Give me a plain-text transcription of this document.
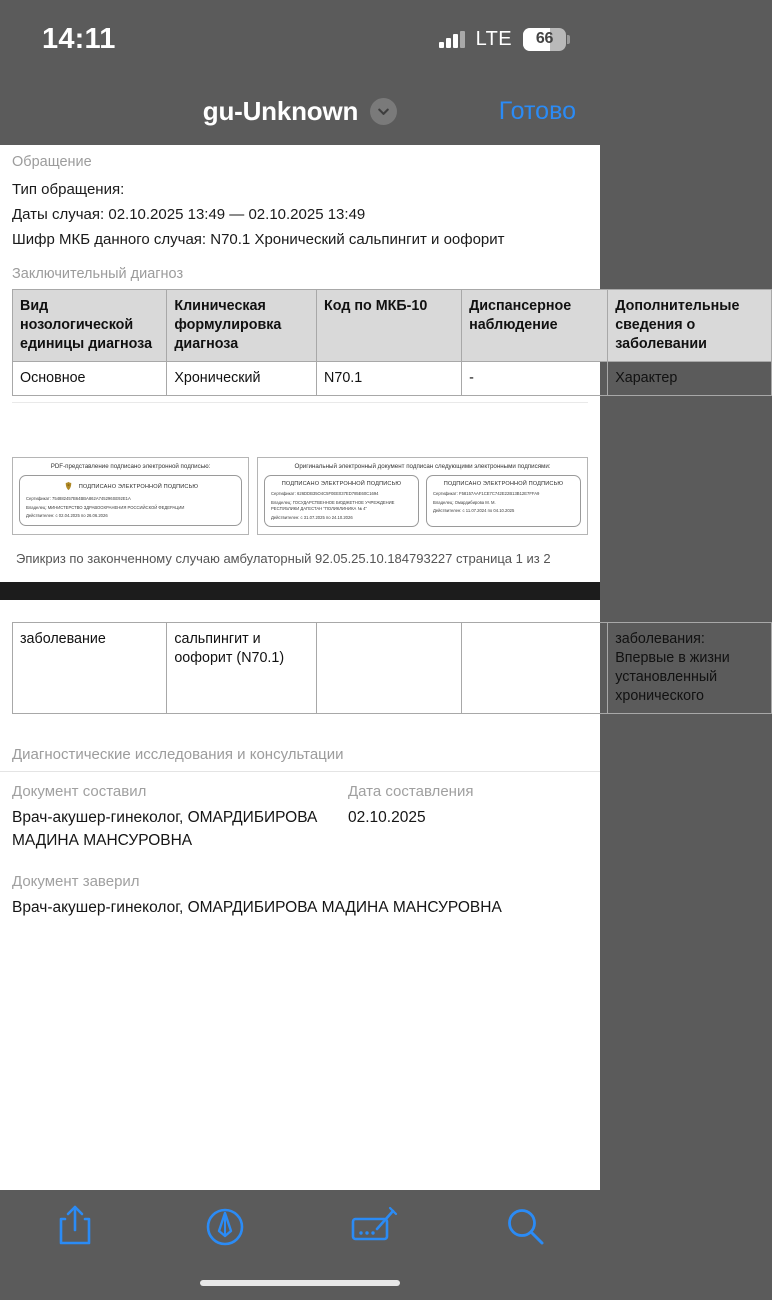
14:11	LTE	66
gu-Unknown	Готово
Обращение
Тип обращения:
Даты случая: 02.10.2025 13:49 — 02.10.2025 13:49
Шифр МКБ данного случая: N70.1 Хронический сальпингит и оофорит
Заключительный диагноз
Вид нозологической единицы диагноза	Клиническая формулировка диагноза	Код по МКБ-10	Диспансерное наблюдение	Дополнительные сведения о заболевании
Основное	Хронический	N70.1	-	Характер
PDF-представление подписано электронной подписью:
ПОДПИСАНО ЭЛЕКТРОННОЙ ПОДПИСЬЮ
Сертификат: 754882457B64BBA862A745296SE92E1A
Владелец: МИНИСТЕРСТВО ЗДРАВООХРАНЕНИЯ РОССИЙСКОЙ ФЕДЕРАЦИИ
Действителен: с 02.04.2025 по 26.06.2026
Оригинальный электронный документ подписан следующими электронными подписями:
ПОДПИСАНО ЭЛЕКТРОННОЙ ПОДПИСЬЮ
Сертификат: 626DDB35O4C5F0EE037ED785E60C1694
Владелец: ГОСУДАРСТВЕННОЕ БЮДЖЕТНОЕ УЧРЕЖДЕНИЕ РЕСПУБЛИКИ ДАГЕСТАН "ПОЛИКЛИНИКА № 4"
Действителен: с 31.07.2025 по 24.10.2026
ПОДПИСАНО ЭЛЕКТРОННОЙ ПОДПИСЬЮ
Сертификат: F58157AAF1CE7C742E22B13B12E7FFA9
Владелец: Омардибирова М. М.
Действителен: с 11.07.2024 по 04.10.2025
Эпикриз по законченному случаю амбулаторный 92.05.25.10.184793227 страница 1 из 2
заболевание	сальпингит и оофорит (N70.1)			заболевания: Впервые в жизни установленный хронического
Диагностические исследования и консультации
Документ составил
Врач-акушер-гинеколог, ОМАРДИБИРОВА МАДИНА МАНСУРОВНА
Дата составления
02.10.2025
Документ заверил
Врач-акушер-гинеколог, ОМАРДИБИРОВА МАДИНА МАНСУРОВНА
